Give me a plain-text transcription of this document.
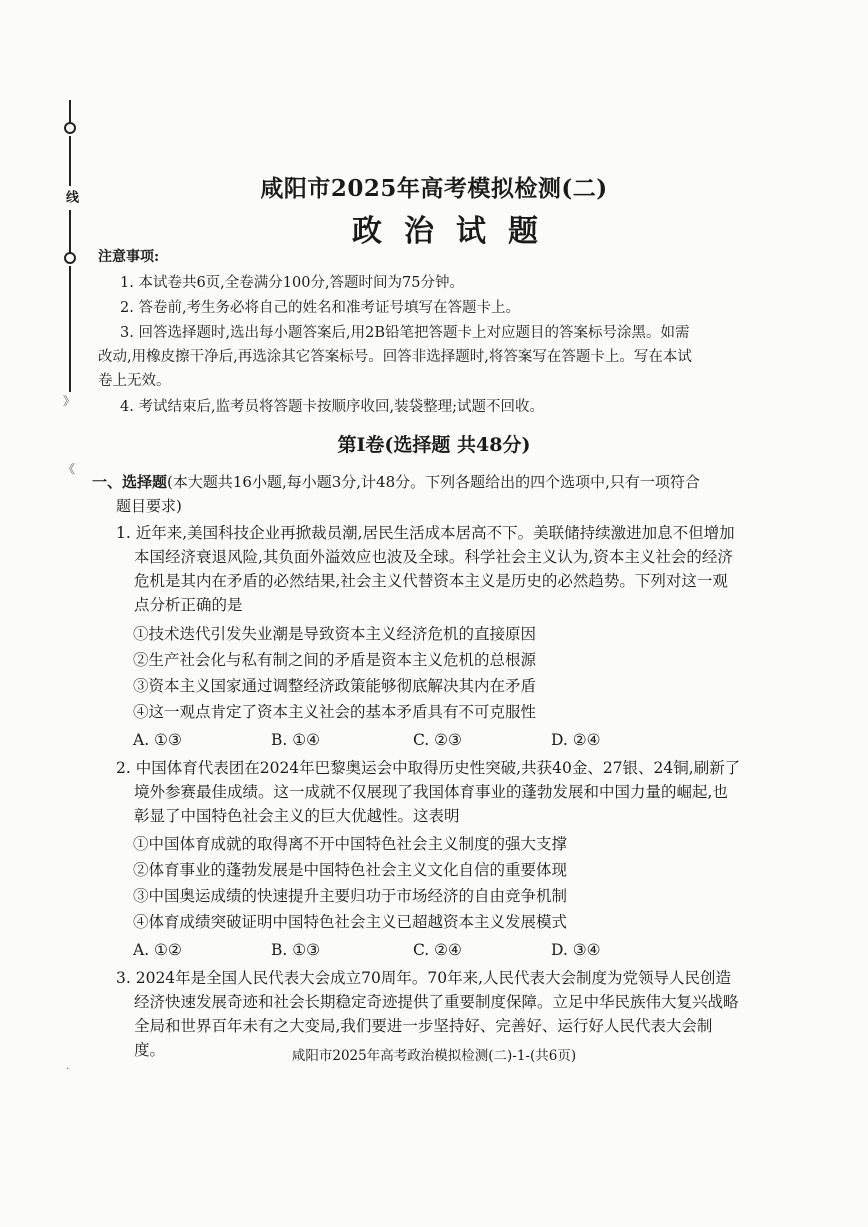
线
》
《
咸阳市2025年高考模拟检测(二)
政治试题
注意事项:
1. 本试卷共6页,全卷满分100分,答题时间为75分钟。
2. 答卷前,考生务必将自己的姓名和准考证号填写在答题卡上。
3. 回答选择题时,选出每小题答案后,用2B铅笔把答题卡上对应题目的答案标号涂黑。如需
改动,用橡皮擦干净后,再选涂其它答案标号。回答非选择题时,将答案写在答题卡上。写在本试
卷上无效。
4. 考试结束后,监考员将答题卡按顺序收回,装袋整理;试题不回收。
第Ⅰ卷(选择题 共48分)
一、选择题(本大题共16小题,每小题3分,计48分。下列各题给出的四个选项中,只有一项符合
题目要求)
1. 近年来,美国科技企业再掀裁员潮,居民生活成本居高不下。美联储持续激进加息不但增加
本国经济衰退风险,其负面外溢效应也波及全球。科学社会主义认为,资本主义社会的经济
危机是其内在矛盾的必然结果,社会主义代替资本主义是历史的必然趋势。下列对这一观
点分析正确的是
①技术迭代引发失业潮是导致资本主义经济危机的直接原因
②生产社会化与私有制之间的矛盾是资本主义危机的总根源
③资本主义国家通过调整经济政策能够彻底解决其内在矛盾
④这一观点肯定了资本主义社会的基本矛盾具有不可克服性
A. ①③	B. ①④	C. ②③	D. ②④
2. 中国体育代表团在2024年巴黎奥运会中取得历史性突破,共获40金、27银、24铜,刷新了
境外参赛最佳成绩。这一成就不仅展现了我国体育事业的蓬勃发展和中国力量的崛起,也
彰显了中国特色社会主义的巨大优越性。这表明
①中国体育成就的取得离不开中国特色社会主义制度的强大支撑
②体育事业的蓬勃发展是中国特色社会主义文化自信的重要体现
③中国奥运成绩的快速提升主要归功于市场经济的自由竞争机制
④体育成绩突破证明中国特色社会主义已超越资本主义发展模式
A. ①②	B. ①③	C. ②④	D. ③④
3. 2024年是全国人民代表大会成立70周年。70年来,人民代表大会制度为党领导人民创造
经济快速发展奇迹和社会长期稳定奇迹提供了重要制度保障。立足中华民族伟大复兴战略
全局和世界百年未有之大变局,我们要进一步坚持好、完善好、运行好人民代表大会制度。	咸阳市2025年高考政治模拟检测(二)-1-(共6页)
·
